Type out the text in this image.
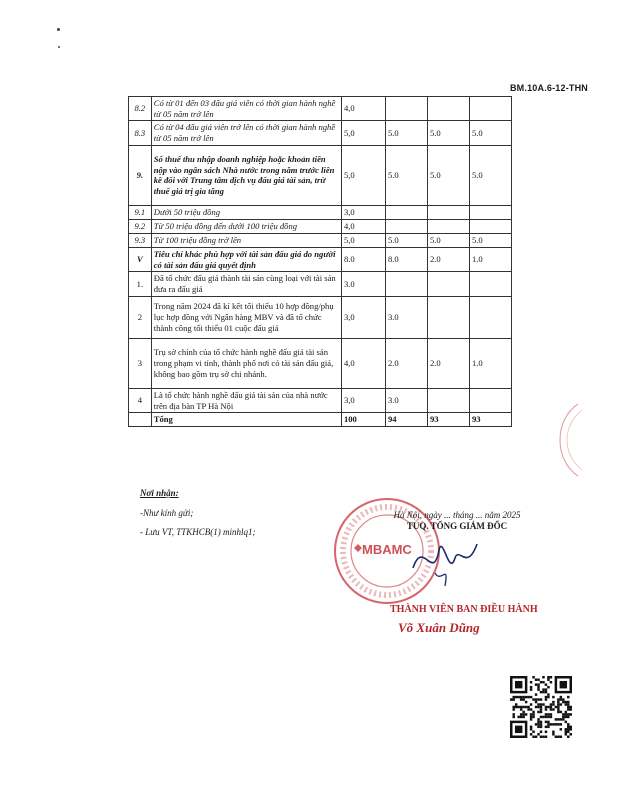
BM.10A.6-12-THN
8.2	Có từ 01 đến 03 đấu giá viên có thời gian hành nghề từ 05 năm trở lên	4,0			
8.3	Có từ 04 đấu giá viên trở lên có thời gian hành nghề từ 05 năm trở lên	5,0	5.0	5.0	5.0
9.	Số thuế thu nhập doanh nghiệp hoặc khoản tiền nộp vào ngân sách Nhà nước trong năm trước liền kề đối với Trung tâm dịch vụ đấu giá tài sản, trừ thuế giá trị gia tăng	5,0	5.0	5.0	5.0
9.1	Dưới 50 triệu đồng	3,0			
9.2	Từ 50 triệu đồng đến dưới 100 triệu đồng	4,0			
9.3	Từ 100 triệu đồng trở lên	5,0	5.0	5.0	5.0
V	Tiêu chí khác phù hợp với tài sản đấu giá do người có tài sản đấu giá quyết định	8.0	8.0	2.0	1.0
1.	Đã tổ chức đấu giá thành tài sản cùng loại với tài sản đưa ra đấu giá	3.0			
2	Trong năm 2024 đã kí kết tối thiểu 10 hợp đồng/phụ lục hợp đồng với Ngân hàng MBV và đã tổ chức thành công tối thiểu 01 cuộc đấu giá	3,0	3.0		
3	Trụ sở chính của tổ chức hành nghề đấu giá tài sản trong phạm vi tỉnh, thành phố nơi có tài sản đấu giá, không bao gồm trụ sở chi nhánh.	4,0	2.0	2.0	1.0
4	Là tổ chức hành nghề đấu giá tài sản của nhà nước trên địa bàn TP Hà Nội	3,0	3.0		
	Tổng	100	94	93	93
Nơi nhận:
-Như kính gửi;
- Lưu VT, TTKHCB(1) minhlq1;
MBAMC
Hà Nội, ngày ... tháng ... năm 2025
TUQ. TỔNG GIÁM ĐỐC
THÀNH VIÊN BAN ĐIỀU HÀNH
Võ Xuân Dũng
